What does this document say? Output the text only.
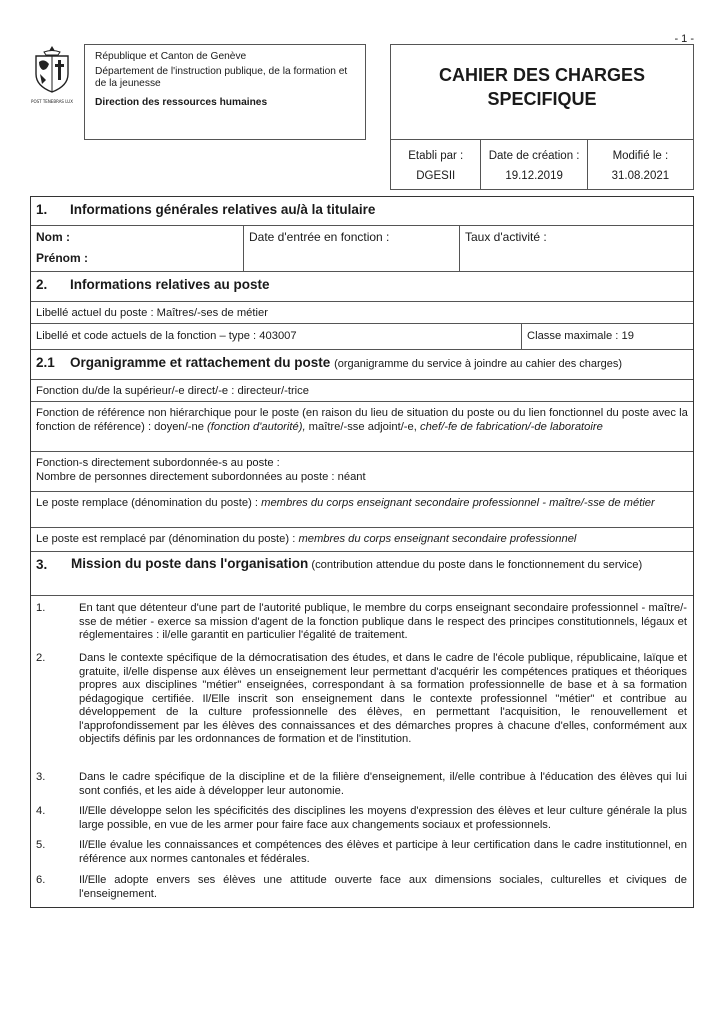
- 1 -
POST TENEBRAS LUX
République et Canton de Genève
Département de l'instruction publique, de la formation et de la jeunesse
Direction des ressources humaines
CAHIER DES CHARGES
SPECIFIQUE
Etabli par :
DGESII
Date de création :
19.12.2019
Modifié le :
31.08.2021
1. Informations générales relatives au/à la titulaire
Nom :
Prénom :
Date d'entrée en fonction :	Taux d'activité :
2. Informations relatives au poste
Libellé actuel du poste : Maîtres/-ses de métier
Libellé et code actuels de la fonction – type : 403007	Classe maximale : 19
2.1 Organigramme et rattachement du poste (organigramme du service à joindre au cahier des charges)
Fonction du/de la supérieur/-e direct/-e : directeur/-trice
Fonction de référence non hiérarchique pour le poste (en raison du lieu de situation du poste ou du lien fonctionnel du poste avec la fonction de référence) : doyen/-ne (fonction d'autorité), maître/-sse adjoint/-e, chef/-fe de fabrication/-de laboratoire
Fonction-s directement subordonnée-s au poste :
Nombre de personnes directement subordonnées au poste : néant
Le poste remplace (dénomination du poste) : membres du corps enseignant secondaire professionnel - maître/-sse de métier
Le poste est remplacé par (dénomination du poste) : membres du corps enseignant secondaire professionnel
3. Mission du poste dans l'organisation (contribution attendue du poste dans le fonctionnement du service)
1.	En tant que détenteur d'une part de l'autorité publique, le membre du corps enseignant secondaire professionnel - maître/-sse de métier - exerce sa mission d'agent de la fonction publique dans le respect des principes constitutionnels, légaux et réglementaires : il/elle garantit en particulier l'égalité de traitement.
2.	Dans le contexte spécifique de la démocratisation des études, et dans le cadre de l'école publique, républicaine, laïque et gratuite, il/elle dispense aux élèves un enseignement leur permettant d'acquérir les compétences pratiques et théoriques propres aux disciplines "métier" enseignées, correspondant à sa formation professionnelle de base et à sa formation pédagogique certifiée. Il/Elle inscrit son enseignement dans le contexte professionnel "métier" et contribue au développement de la culture professionnelle des élèves, en permettant l'acquisition, le renouvellement et l'approfondissement par les élèves des connaissances et des démarches propres à chacune d'elles, conformément aux objectifs définis par les ordonnances de formation et de l'institution.
3.	Dans le cadre spécifique de la discipline et de la filière d'enseignement, il/elle contribue à l'éducation des élèves qui lui sont confiés, et les aide à développer leur autonomie.
4.	Il/Elle développe selon les spécificités des disciplines les moyens d'expression des élèves et leur culture générale la plus large possible, en vue de les armer pour faire face aux changements sociaux et professionnels.
5.	Il/Elle évalue les connaissances et compétences des élèves et participe à leur certification dans le cadre institutionnel, en référence aux normes cantonales et fédérales.
6.	Il/Elle adopte envers ses élèves une attitude ouverte face aux dimensions sociales, culturelles et civiques de l'enseignement.
